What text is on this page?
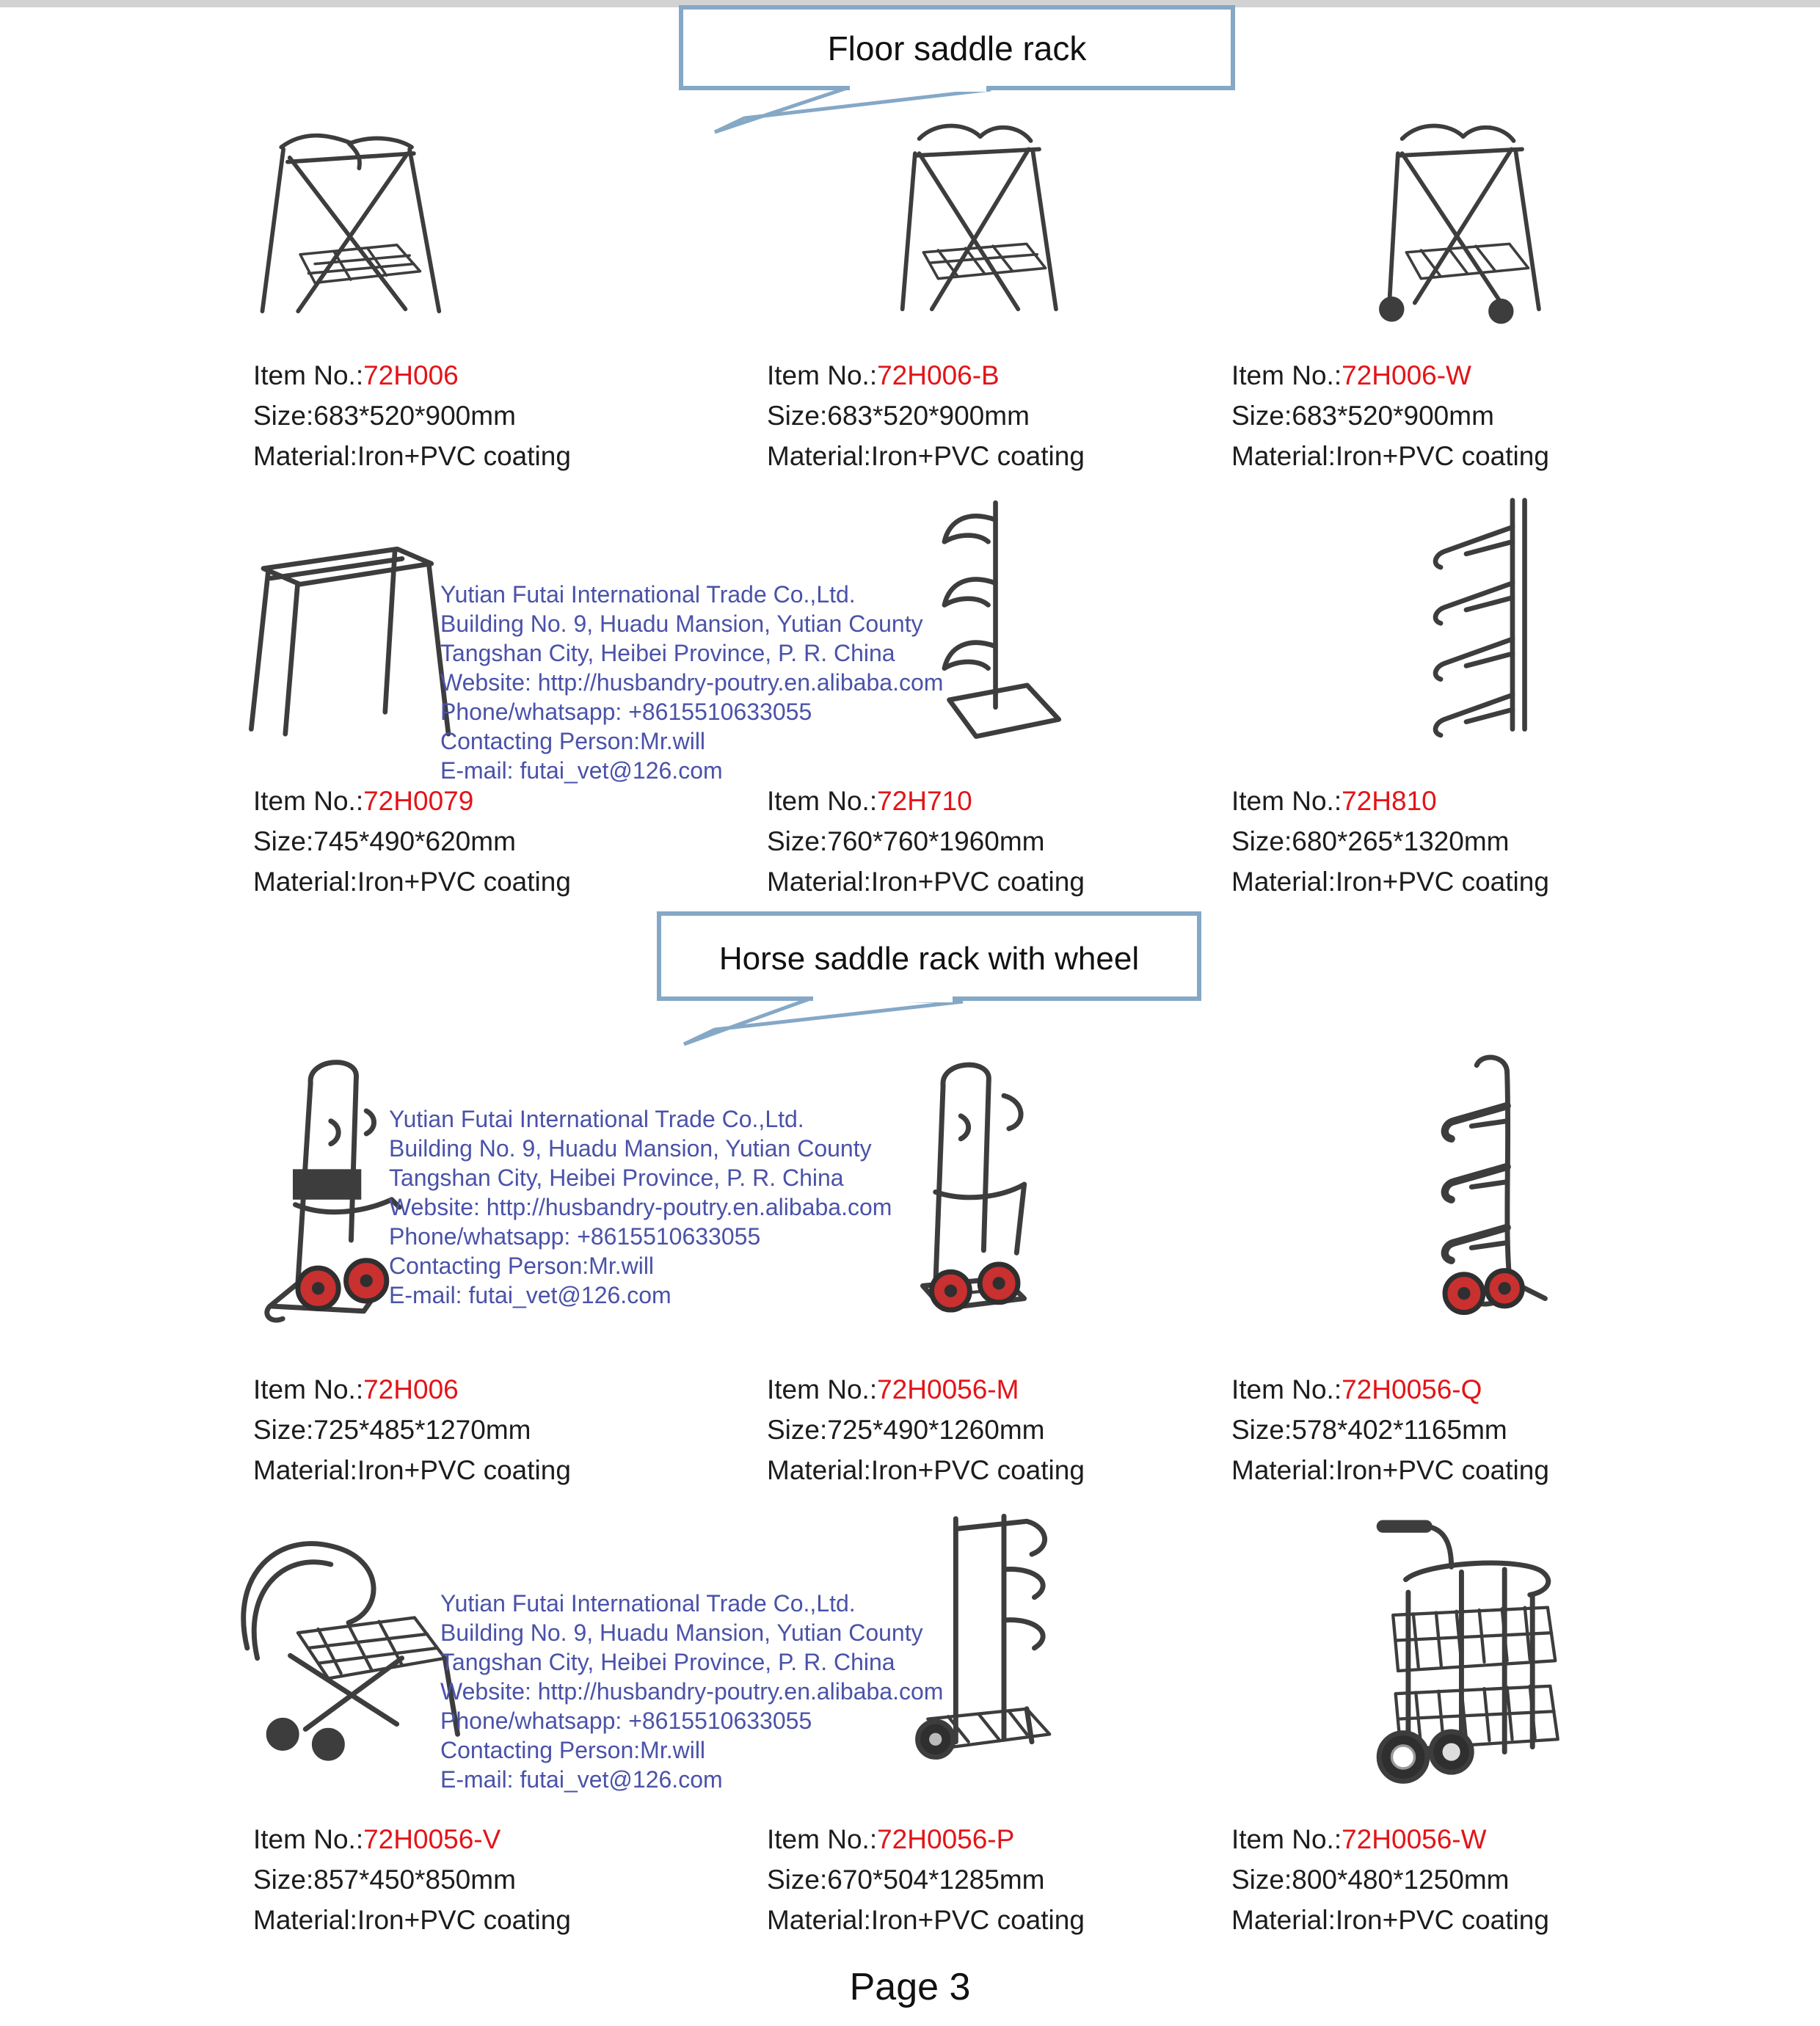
Floor saddle rack
Horse saddle rack with wheel
Item No.:72H006
Size:683*520*900mm
Material:Iron+PVC coating
Item No.:72H006-B
Size:683*520*900mm
Material:Iron+PVC coating
Item No.:72H006-W
Size:683*520*900mm
Material:Iron+PVC coating
Item No.:72H0079
Size:745*490*620mm
Material:Iron+PVC coating
Item No.:72H710
Size:760*760*1960mm
Material:Iron+PVC coating
Item No.:72H810
Size:680*265*1320mm
Material:Iron+PVC coating
Item No.:72H006
Size:725*485*1270mm
Material:Iron+PVC coating
Item No.:72H0056-M
Size:725*490*1260mm
Material:Iron+PVC coating
Item No.:72H0056-Q
Size:578*402*1165mm
Material:Iron+PVC coating
Item No.:72H0056-V
Size:857*450*850mm
Material:Iron+PVC coating
Item No.:72H0056-P
Size:670*504*1285mm
Material:Iron+PVC coating
Item No.:72H0056-W
Size:800*480*1250mm
Material:Iron+PVC coating
Yutian Futai International Trade Co.,Ltd.
Building No. 9, Huadu Mansion, Yutian County
Tangshan City, Heibei Province, P. R. China
Website: http://husbandry-poutry.en.alibaba.com
Phone/whatsapp: +8615510633055
Contacting Person:Mr.will
E-mail: futai_vet@126.com
Yutian Futai International Trade Co.,Ltd.
Building No. 9, Huadu Mansion, Yutian County
Tangshan City, Heibei Province, P. R. China
Website: http://husbandry-poutry.en.alibaba.com
Phone/whatsapp: +8615510633055
Contacting Person:Mr.will
E-mail: futai_vet@126.com
Yutian Futai International Trade Co.,Ltd.
Building No. 9, Huadu Mansion, Yutian County
Tangshan City, Heibei Province, P. R. China
Website: http://husbandry-poutry.en.alibaba.com
Phone/whatsapp: +8615510633055
Contacting Person:Mr.will
E-mail: futai_vet@126.com
Page 3
